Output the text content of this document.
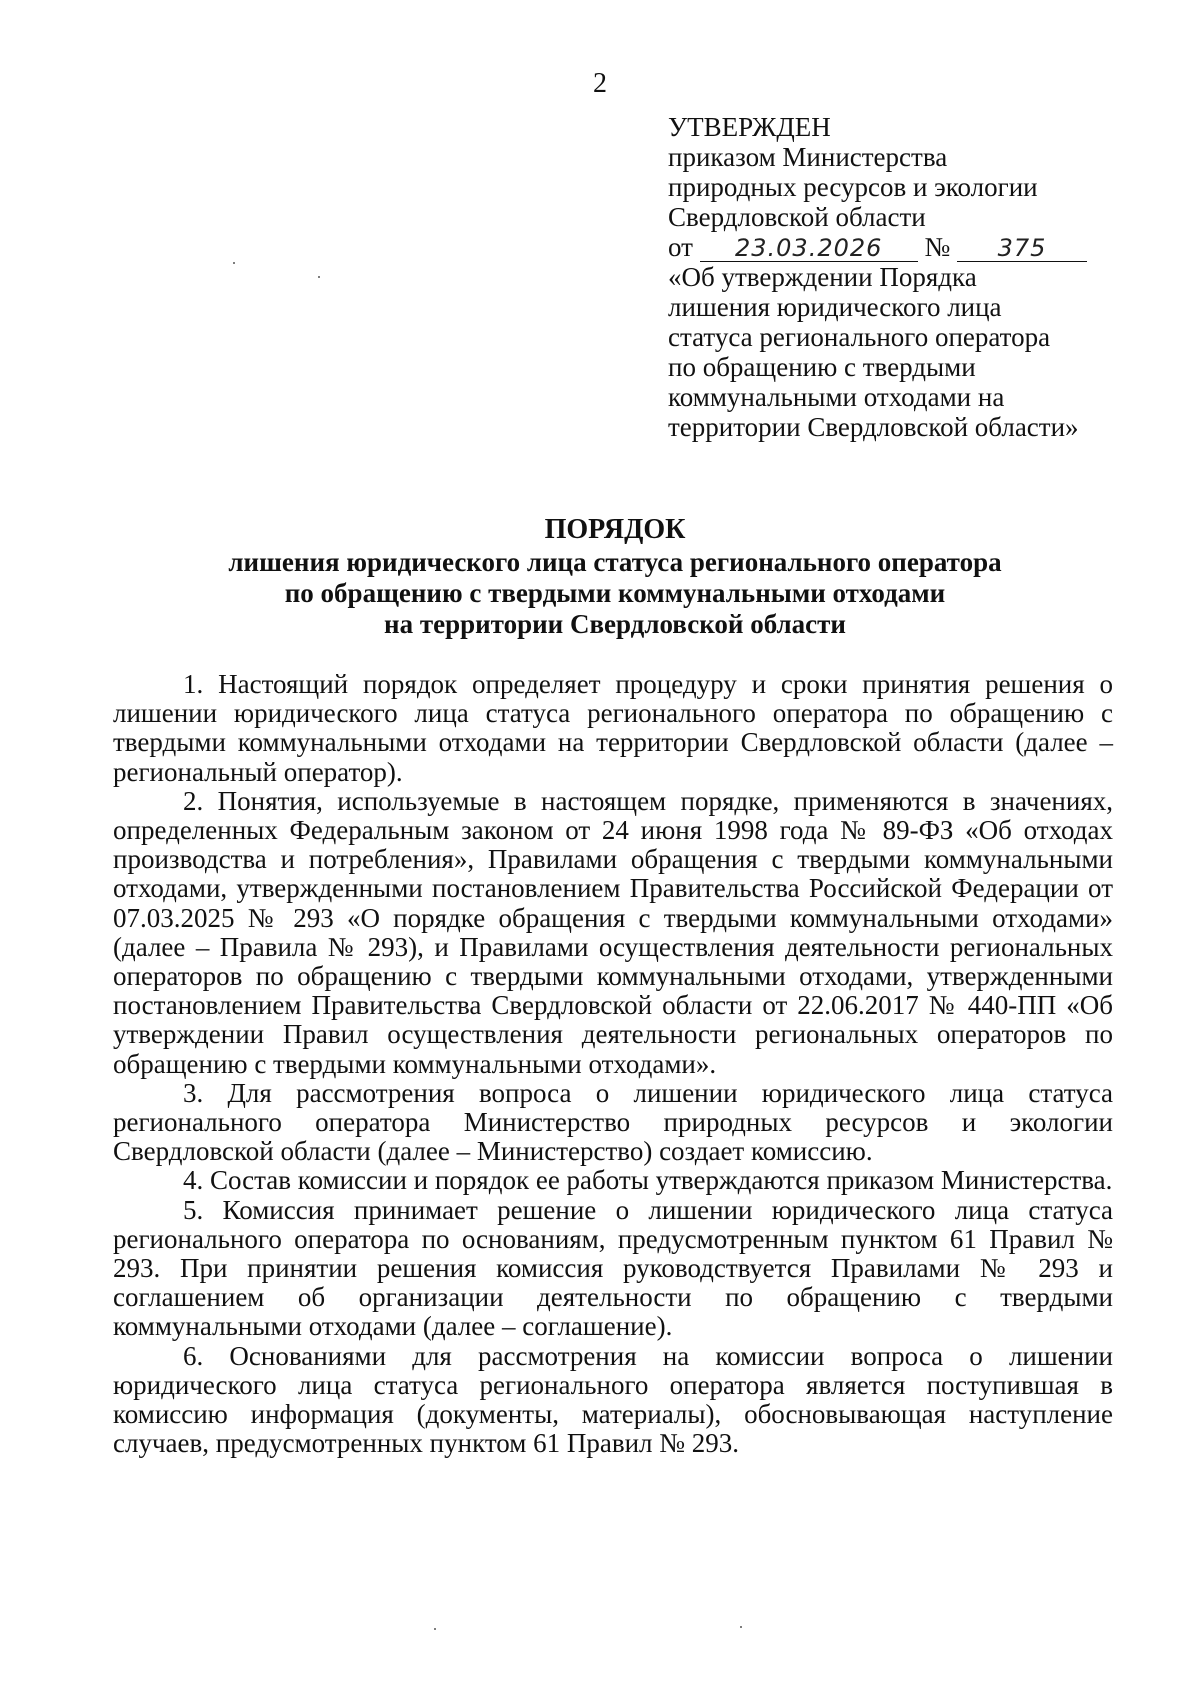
2
УТВЕРЖДЕН
приказом Министерства
природных ресурсов и экологии
Свердловской области
от 23.03.2026 № 375
«Об утверждении Порядка
лишения юридического лица
статуса регионального оператора
по обращению с твердыми
коммунальными отходами на
территории Свердловской области»
ПОРЯДОК
лишения юридического лица статуса регионального оператора
по обращению с твердыми коммунальными отходами
на территории Свердловской области

1. Настоящий порядок определяет процедуру и сроки принятия решения о лишении юридического лица статуса регионального оператора по обращению с твердыми коммунальными отходами на территории Свердловской области (далее – региональный оператор).

2. Понятия, используемые в настоящем порядке, применяются в значениях, определенных Федеральным законом от 24 июня 1998 года № 89-ФЗ «Об отходах производства и потребления», Правилами обращения с твердыми коммунальными отходами, утвержденными постановлением Правительства Российской Федерации от 07.03.2025 № 293 «О порядке обращения с твердыми коммунальными отходами» (далее – Правила № 293), и Правилами осуществления деятельности региональных операторов по обращению с твердыми коммунальными отходами, утвержденными постановлением Правительства Свердловской области от 22.06.2017 № 440-ПП «Об утверждении Правил осуществления деятельности региональных операторов по обращению с твердыми коммунальными отходами».

3. Для рассмотрения вопроса о лишении юридического лица статуса регионального оператора Министерство природных ресурсов и экологии Свердловской области (далее – Министерство) создает комиссию.

4. Состав комиссии и порядок ее работы утверждаются приказом Министерства.

5. Комиссия принимает решение о лишении юридического лица статуса регионального оператора по основаниям, предусмотренным пунктом 61 Правил № 293. При принятии решения комиссия руководствуется Правилами № 293 и соглашением об организации деятельности по обращению с твердыми коммунальными отходами (далее – соглашение).

6. Основаниями для рассмотрения на комиссии вопроса о лишении юридического лица статуса регионального оператора является поступившая в комиссию информация (документы, материалы), обосновывающая наступление случаев, предусмотренных пунктом 61 Правил № 293.
